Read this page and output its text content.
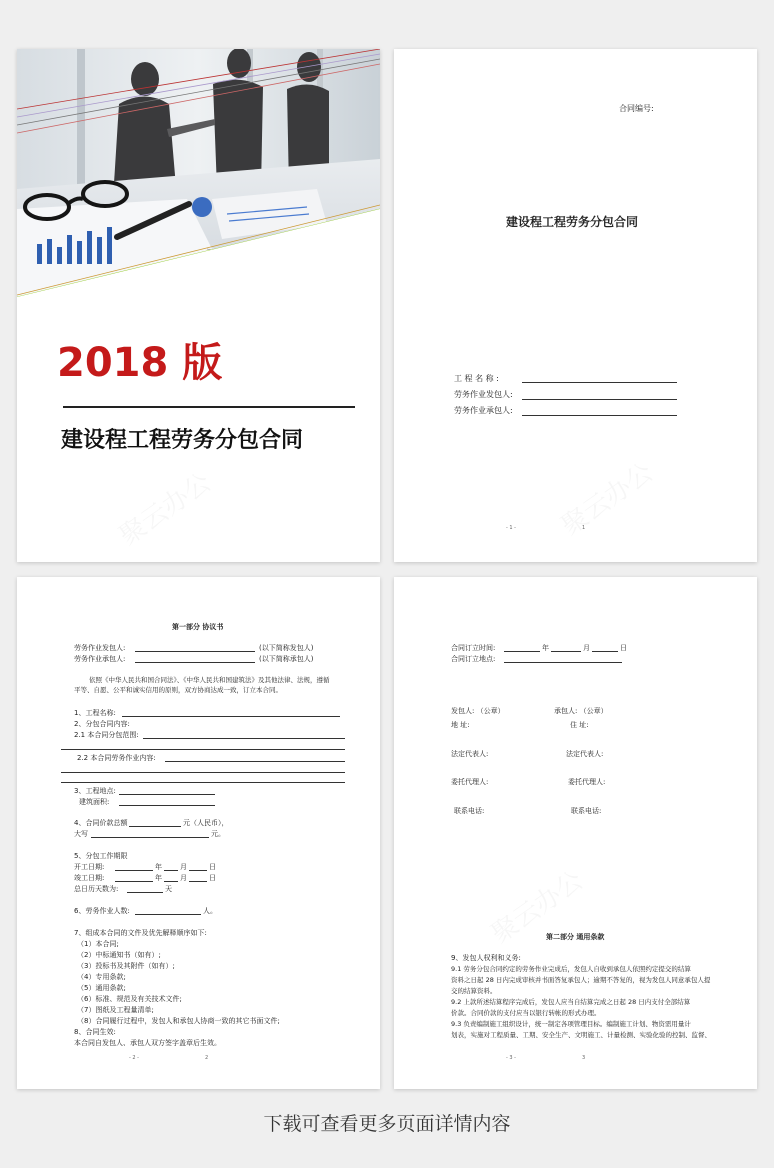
2018 版
建设程工程劳务分包合同
合同编号:
建设程工程劳务分包合同
工 程 名 称 :
劳务作业发包人:
劳务作业承包人:
- 1 -	1
第一部分 协议书
劳务作业发包人:	(以下简称发包人)
劳务作业承包人:	(以下简称承包人)
依照《中华人民共和国合同法》、《中华人民共和国建筑法》及其他法律、法规，遵循
平等、自愿、公平和诚实信用的原则，双方协商达成一致，订立本合同。
1、工程名称:
2、分包合同内容:
2.1 本合同分包范围:
2.2 本合同劳务作业内容:
3、工程地点:
建筑面积:
4、合同价款总额	元（人民币），
大写	元。
5、分包工作期限
开工日期:	年	月	日
竣工日期:	年	月	日
总日历天数为:	天
6、劳务作业人数:	人。
7、组成本合同的文件及优先解释顺序如下:
（1）本合同;
（2）中标通知书（如有）;
（3）投标书及其附件（如有）;
（4）专用条款;
（5）通用条款;
（6）标准、规范及有关技术文件;
（7）图纸及工程量清单;
（8）合同履行过程中，发包人和承包人协商一致的其它书面文件;
8、合同生效:
本合同自发包人、承包人双方签字盖章后生效。
- 2 -	2
合同订立时间:	年	月	日
合同订立地点:
发包人: （公章）	承包人: （公章）
地 址:	住 址:
法定代表人:	法定代表人:
委托代理人:	委托代理人:
联系电话:	联系电话:
第二部分 通用条款
9、发包人权利和义务:
9.1 劳务分包合同约定的劳务作业完成后，发包人自收到承包人依照约定提交的结算
资料之日起 28 日内完成审核并书面答复承包人；逾期不答复的，视为发包人同意承包人提
交的结算资料。
9.2 上款所述结算程序完成后，发包人应当自结算完成之日起 28 日内支付全部结算
价款。合同价款的支付应当以银行转帐的形式办理。
9.3 负责编制施工组织设计，统一制定各项管理目标。编制施工计划、物资需用量计
划表，实施对工程质量、工期、安全生产、文明施工、计量检测、实验化验的控制、监督、
- 3 -	3
下载可查看更多页面详情内容
